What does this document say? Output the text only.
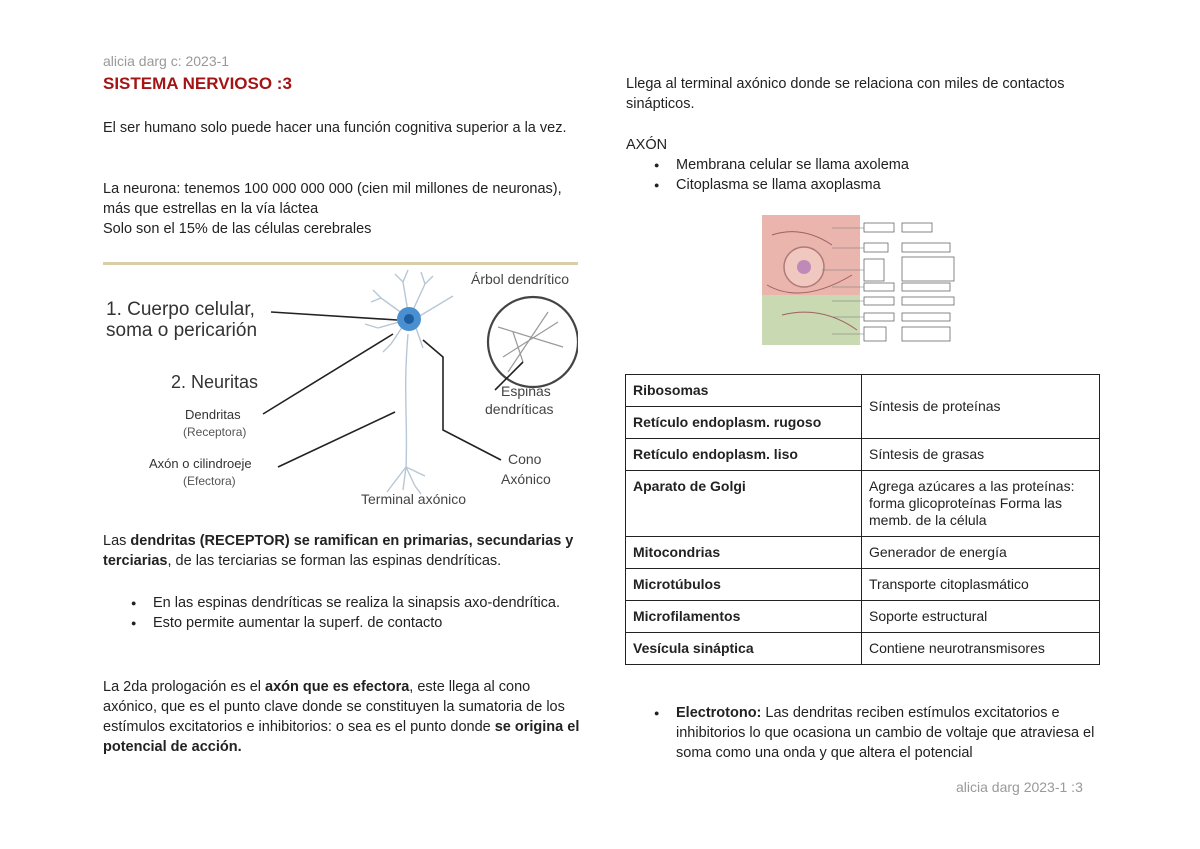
alicia darg c: 2023-1
SISTEMA NERVIOSO :3
El ser humano solo puede hacer una función cognitiva superior a la vez.
La neurona: tenemos 100 000 000 000 (cien mil millones de neuronas), más que estrellas en la vía láctea
Solo son el 15% de las células cerebrales
1. Cuerpo celular,
soma o pericarión
2. Neuritas
Dendritas
(Receptora)
Axón o cilindroeje
(Efectora)
Árbol dendrítico
Espinas
dendríticas
Cono
Axónico
Terminal axónico
Las dendritas (RECEPTOR) se ramifican en primarias, secundarias y terciarias, de las terciarias se forman las espinas dendríticas.
● En las espinas dendríticas se realiza la sinapsis axo-dendrítica.
● Esto permite aumentar la superf. de contacto
La 2da prologación es el axón que es efectora, este llega al cono axónico, que es el punto clave donde se constituyen la sumatoria de los estímulos excitatorios e inhibitorios: o sea es el punto donde se origina el potencial de acción.
Llega al terminal axónico donde se relaciona con miles de contactos sinápticos.
AXÓN
● Membrana celular se llama axolema
● Citoplasma se llama axoplasma
Ribosomas	Síntesis de proteínas
Retículo endoplasm. rugoso	
Retículo endoplasm. liso	Síntesis de grasas
Aparato de Golgi	Agrega azúcares a las proteínas: forma glicoproteínas Forma las memb. de la célula
Mitocondrias	Generador de energía
Microtúbulos	Transporte citoplasmático
Microfilamentos	Soporte estructural
Vesícula sináptica	Contiene neurotransmisores
● Electrotono: Las dendritas reciben estímulos excitatorios e inhibitorios lo que ocasiona un cambio de voltaje que atraviesa el soma como una onda y que altera el potencial
alicia darg 2023-1 :3
